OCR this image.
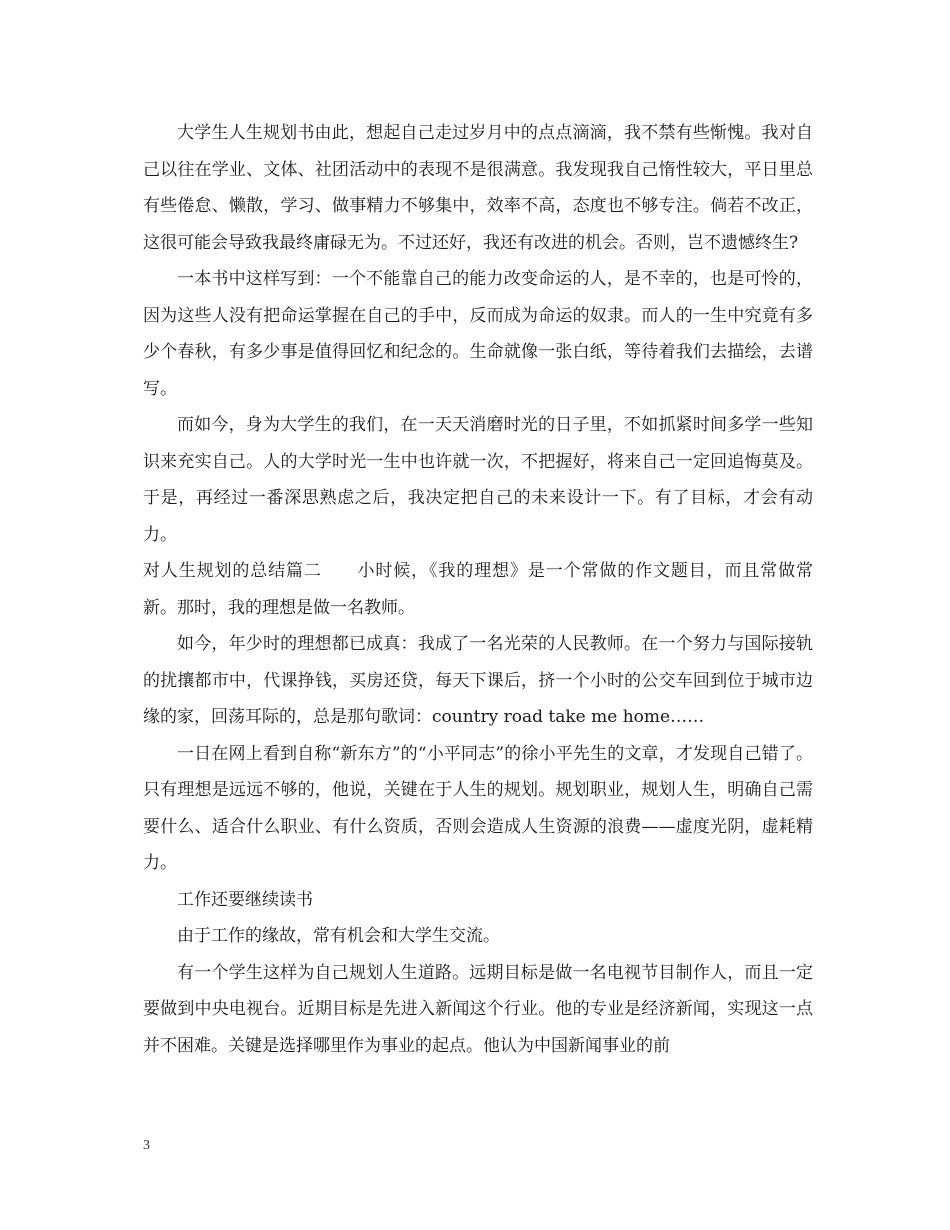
大学生人生规划书由此，想起自己走过岁月中的点点滴滴，我不禁有些惭愧。我对自己以往在学业、文体、社团活动中的表现不是很满意。我发现我自己惰性较大，平日里总有些倦怠、懒散，学习、做事精力不够集中，效率不高，态度也不够专注。倘若不改正，这很可能会导致我最终庸碌无为。不过还好，我还有改进的机会。否则，岂不遗憾终生?

一本书中这样写到：一个不能靠自己的能力改变命运的人，是不幸的，也是可怜的，因为这些人没有把命运掌握在自己的手中，反而成为命运的奴隶。而人的一生中究竟有多少个春秋，有多少事是值得回忆和纪念的。生命就像一张白纸，等待着我们去描绘，去谱写。

而如今，身为大学生的我们，在一天天消磨时光的日子里，不如抓紧时间多学一些知识来充实自己。人的大学时光一生中也许就一次，不把握好，将来自己一定回追悔莫及。于是，再经过一番深思熟虑之后，我决定把自己的未来设计一下。有了目标，才会有动力。

对人生规划的总结篇二　　小时候，《我的理想》是一个常做的作文题目，而且常做常新。那时，我的理想是做一名教师。

如今，年少时的理想都已成真：我成了一名光荣的人民教师。在一个努力与国际接轨的扰攘都市中，代课挣钱，买房还贷，每天下课后，挤一个小时的公交车回到位于城市边缘的家，回荡耳际的，总是那句歌词：country road take me home……

一日在网上看到自称“新东方”的“小平同志”的徐小平先生的文章，才发现自己错了。只有理想是远远不够的，他说，关键在于人生的规划。规划职业，规划人生，明确自己需要什么、适合什么职业、有什么资质，否则会造成人生资源的浪费——虚度光阴，虚耗精力。

工作还要继续读书

由于工作的缘故，常有机会和大学生交流。

有一个学生这样为自己规划人生道路。远期目标是做一名电视节目制作人，而且一定要做到中央电视台。近期目标是先进入新闻这个行业。他的专业是经济新闻，实现这一点并不困难。关键是选择哪里作为事业的起点。他认为中国新闻事业的前

3
